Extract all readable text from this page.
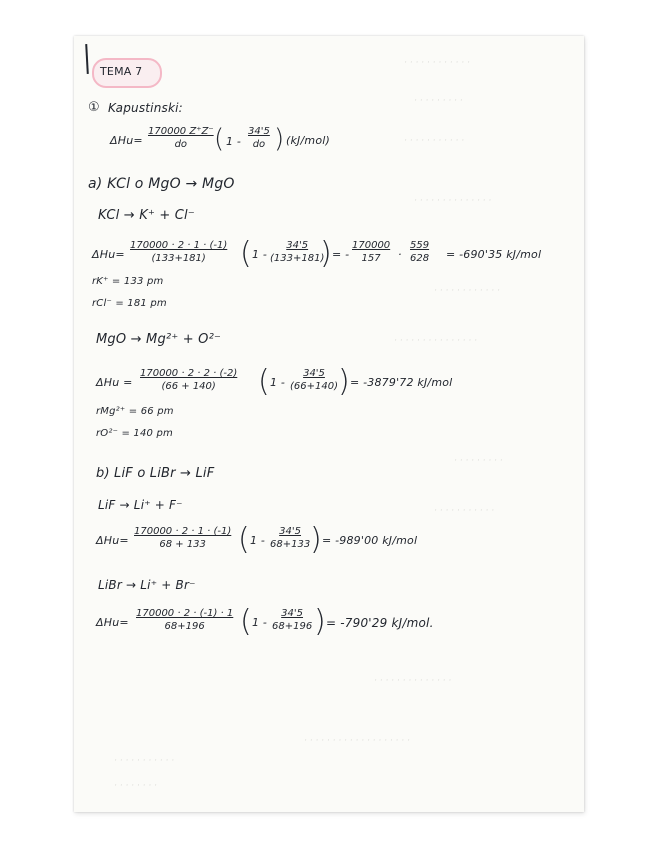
· · · · · · · · · · · ·
· · · · · · · · ·
· · · · · · · · · · ·
· · · · · · · · · · · · · ·
· · · · · · · · · · · ·
· · · · · · · · · · · · · · ·
· · · · · · · · ·
· · · · · · · · · · ·
· · · · · · · · · · · · · ·
· · · · · · · · · · · · · · · · · · ·
· · · · · · · · · · ·
· · · · · · · ·
TEMA 7
① Kapustinski:
$\Delta Hu= \frac{170000 Z^+Z^-}{do}$
( $1 - \frac{34'5}{do}$ ) (kJ/mol)
a) KCl o MgO → MgO
KCl → K⁺ + Cl⁻
$\Delta Hu= \frac{170000 \cdot 2 \cdot 1 \cdot (-1)}{(133+181)}$ ( $1 - \frac{34'5}{(133+181)}$
) = - $\frac{170000}{157} \cdot \frac{559}{628} = -690'35$ kJ/mol
rK⁺ = 133 pm
rCl⁻ = 181 pm
MgO → Mg²⁺ + O²⁻
$\Delta Hu = \frac{170000 \cdot 2 \cdot 2 \cdot (-2)}{(66 + 140)}$ ( $1 - \frac{34'5}{(66+140)}$ ) = -3879'72 kJ/mol
rMg²⁺ = 66 pm
rO²⁻ = 140 pm
b) LiF o LiBr → LiF
LiF → Li⁺ + F⁻
$\Delta Hu= \frac{170000 \cdot 2 \cdot 1 \cdot (-1)}{68 + 133}$ ( $1 - \frac{34'5}{68+133}$ ) = -989'00 kJ/mol
LiBr → Li⁺ + Br⁻
$\Delta Hu= \frac{170000 \cdot 2 \cdot (-1) \cdot 1}{68+196}$ ( $1 - \frac{34'5}{68+196}$ ) = -790'29 kJ/mol.
